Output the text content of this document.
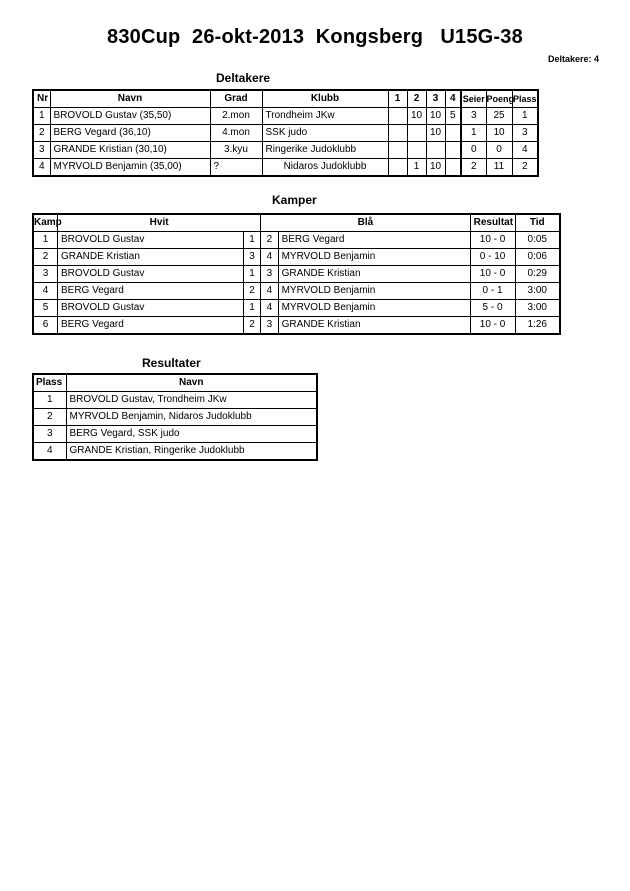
830Cup  26-okt-2013  Kongsberg   U15G-38
Deltakere: 4
Deltakere
Nr	Navn	Grad	Klubb	1	2	3	4	Seier	Poeng	Plass
1	BROVOLD Gustav (35,50)	2.mon	Trondheim JKw		10	10	5	3	25	1
2	BERG Vegard (36,10)	4.mon	SSK judo			10		1	10	3
3	GRANDE Kristian (30,10)	3.kyu	Ringerike Judoklubb					0	0	4
4	MYRVOLD Benjamin (35,00)	?	Nidaros Judoklubb		1	10		2	11	2
Kamper
Kamp	Hvit		Blå		Resultat	Tid
1	BROVOLD Gustav	1	2	BERG Vegard	10 - 0	0:05
2	GRANDE Kristian	3	4	MYRVOLD Benjamin	0 - 10	0:06
3	BROVOLD Gustav	1	3	GRANDE Kristian	10 - 0	0:29
4	BERG Vegard	2	4	MYRVOLD Benjamin	0 - 1	3:00
5	BROVOLD Gustav	1	4	MYRVOLD Benjamin	5 - 0	3:00
6	BERG Vegard	2	3	GRANDE Kristian	10 - 0	1:26
Resultater
Plass	Navn
1	BROVOLD Gustav, Trondheim JKw
2	MYRVOLD Benjamin, Nidaros Judoklubb
3	BERG Vegard, SSK judo
4	GRANDE Kristian, Ringerike Judoklubb
